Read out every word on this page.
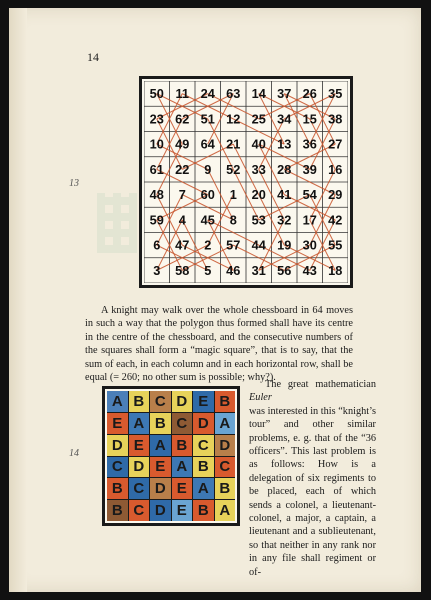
14
13
14
50 11 24 63 14 37 26 35
23 62 51 12 25 34 15 38
10 49 64 21 40 13 36 27
61 22 9 52 33 28 39 16
48 7 60 1 20 41 54 29
59 4 45 8 53 32 17 42
6 47 2 57 44 19 30 55
3 58 5 46 31 56 43 18

A knight may walk over the whole chessboard in 64 moves in such a way that the polygon thus formed shall have its centre in the centre of the chessboard, and the consecutive numbers of the squares shall form a “magic square”, that is to say, that the sum of each, in each column and in each horizontal row, shall be equal (= 260; no other sum is possible; why?).

A B C D E B
E A B C D A
D E A B C D
C D E A B C
B C D E A B
B C D E B A

The great mathematician Euler
was interested in this “knight’s tour” and other similar problems, e. g. that of the “36 officers”. This last problem is as follows: How is a delegation of six regiments to be placed, each of which sends a colonel, a lieutenant-colonel, a major, a captain, a lieutenant and a sublieutenant, so that neither in any rank nor in any file shall regiment or of-
